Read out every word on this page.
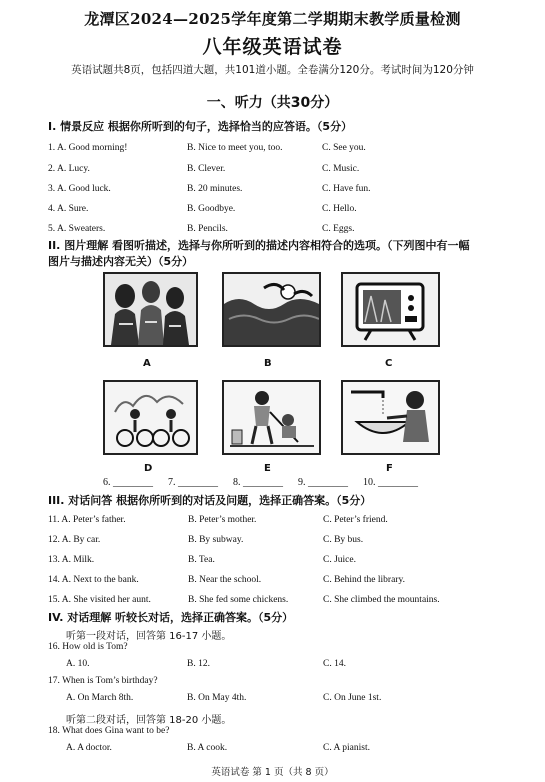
龙潭区2024—2025学年度第二学期期末教学质量检测
八年级英语试卷
英语试题共8页，包括四道大题，共101道小题。全卷满分120分。考试时间为120分钟
一、听力（共30分）
I. 情景反应 根据你所听到的句子，选择恰当的应答语。（5分）
1. A. Good morning!	B. Nice to meet you, too.	C. See you.
2. A. Lucy.	B. Clever.	C. Music.
3. A. Good luck.	B. 20 minutes.	C. Have fun.
4. A. Sure.	B. Goodbye.	C. Hello.
5. A. Sweaters.	B. Pencils.	C. Eggs.
II. 图片理解 看图听描述，选择与你所听到的描述内容相符合的选项。（下列图中有一幅
图片与描述内容无关）（5分）
A	B	C
D	E	F
6. ________ 7. ________ 8. ________ 9. ________ 10. ________
III. 对话问答 根据你所听到的对话及问题，选择正确答案。（5分）
11. A. Peter’s father.	B. Peter’s mother.	C. Peter’s friend.
12. A. By car.	B. By subway.	C. By bus.
13. A. Milk.	B. Tea.	C. Juice.
14. A. Next to the bank.	B. Near the school.	C. Behind the library.
15. A. She visited her aunt.	B. She fed some chickens.	C. She climbed the mountains.
IV. 对话理解 听较长对话，选择正确答案。（5分）
听第一段对话，回答第 16-17 小题。
16. How old is Tom?
A. 10.	B. 12.	C. 14.
17. When is Tom’s birthday?
A. On March 8th.	B. On May 4th.	C. On June 1st.
听第二段对话，回答第 18-20 小题。
18. What does Gina want to be?
A. A doctor.	B. A cook.	C. A pianist.
英语试卷 第 1 页（共 8 页）
